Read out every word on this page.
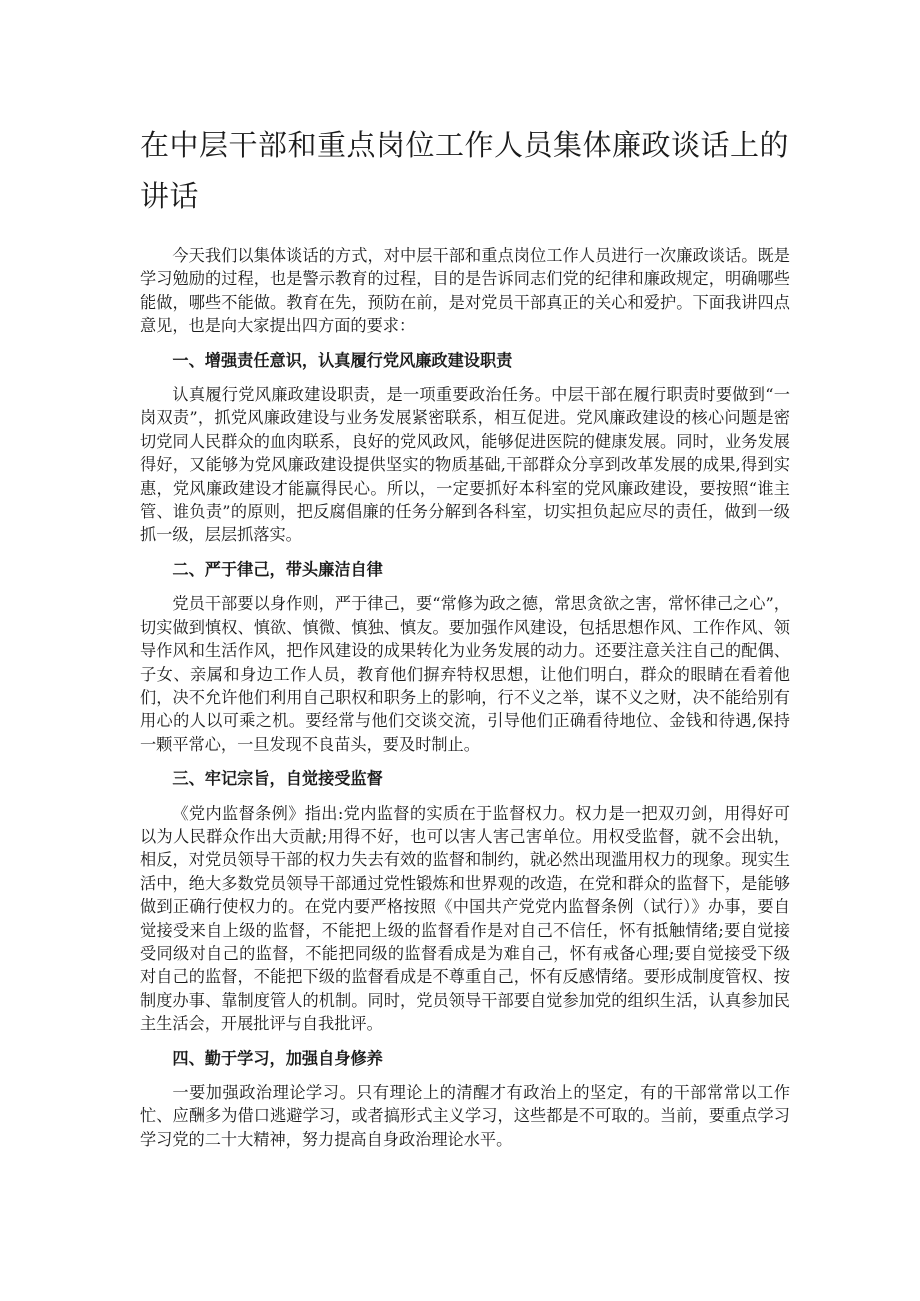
在中层干部和重点岗位工作人员集体廉政谈话上的
讲话

今天我们以集体谈话的方式，对中层干部和重点岗位工作人员进行一次廉政谈话。既是学习勉励的过程，也是警示教育的过程，目的是告诉同志们党的纪律和廉政规定，明确哪些能做，哪些不能做。教育在先，预防在前，是对党员干部真正的关心和爱护。下面我讲四点意见，也是向大家提出四方面的要求：

一、增强责任意识，认真履行党风廉政建设职责

认真履行党风廉政建设职责，是一项重要政治任务。中层干部在履行职责时要做到“一岗双责”，抓党风廉政建设与业务发展紧密联系，相互促进。党风廉政建设的核心问题是密切党同人民群众的血肉联系，良好的党风政风，能够促进医院的健康发展。同时，业务发展得好，又能够为党风廉政建设提供坚实的物质基础,干部群众分享到改革发展的成果,得到实惠，党风廉政建设才能赢得民心。所以，一定要抓好本科室的党风廉政建设，要按照“谁主管、谁负责”的原则，把反腐倡廉的任务分解到各科室，切实担负起应尽的责任，做到一级抓一级，层层抓落实。

二、严于律己，带头廉洁自律

党员干部要以身作则，严于律己，要“常修为政之德，常思贪欲之害，常怀律己之心”，切实做到慎权、慎欲、慎微、慎独、慎友。要加强作风建设，包括思想作风、工作作风、领导作风和生活作风，把作风建设的成果转化为业务发展的动力。还要注意关注自己的配偶、子女、亲属和身边工作人员，教育他们摒弃特权思想，让他们明白，群众的眼睛在看着他们，决不允许他们利用自己职权和职务上的影响，行不义之举，谋不义之财，决不能给别有用心的人以可乘之机。要经常与他们交谈交流，引导他们正确看待地位、金钱和待遇,保持一颗平常心，一旦发现不良苗头，要及时制止。

三、牢记宗旨，自觉接受监督

《党内监督条例》指出:党内监督的实质在于监督权力。权力是一把双刃剑，用得好可以为人民群众作出大贡献;用得不好，也可以害人害己害单位。用权受监督，就不会出轨，相反，对党员领导干部的权力失去有效的监督和制约，就必然出现滥用权力的现象。现实生活中，绝大多数党员领导干部通过党性锻炼和世界观的改造，在党和群众的监督下，是能够做到正确行使权力的。在党内要严格按照《中国共产党党内监督条例（试行）》办事，要自觉接受来自上级的监督，不能把上级的监督看作是对自己不信任，怀有抵触情绪;要自觉接受同级对自己的监督，不能把同级的监督看成是为难自己，怀有戒备心理;要自觉接受下级对自己的监督，不能把下级的监督看成是不尊重自己，怀有反感情绪。要形成制度管权、按制度办事、靠制度管人的机制。同时，党员领导干部要自觉参加党的组织生活，认真参加民主生活会，开展批评与自我批评。

四、勤于学习，加强自身修养

一要加强政治理论学习。只有理论上的清醒才有政治上的坚定，有的干部常常以工作忙、应酬多为借口逃避学习，或者搞形式主义学习，这些都是不可取的。当前，要重点学习学习党的二十大精神，努力提高自身政治理论水平。
